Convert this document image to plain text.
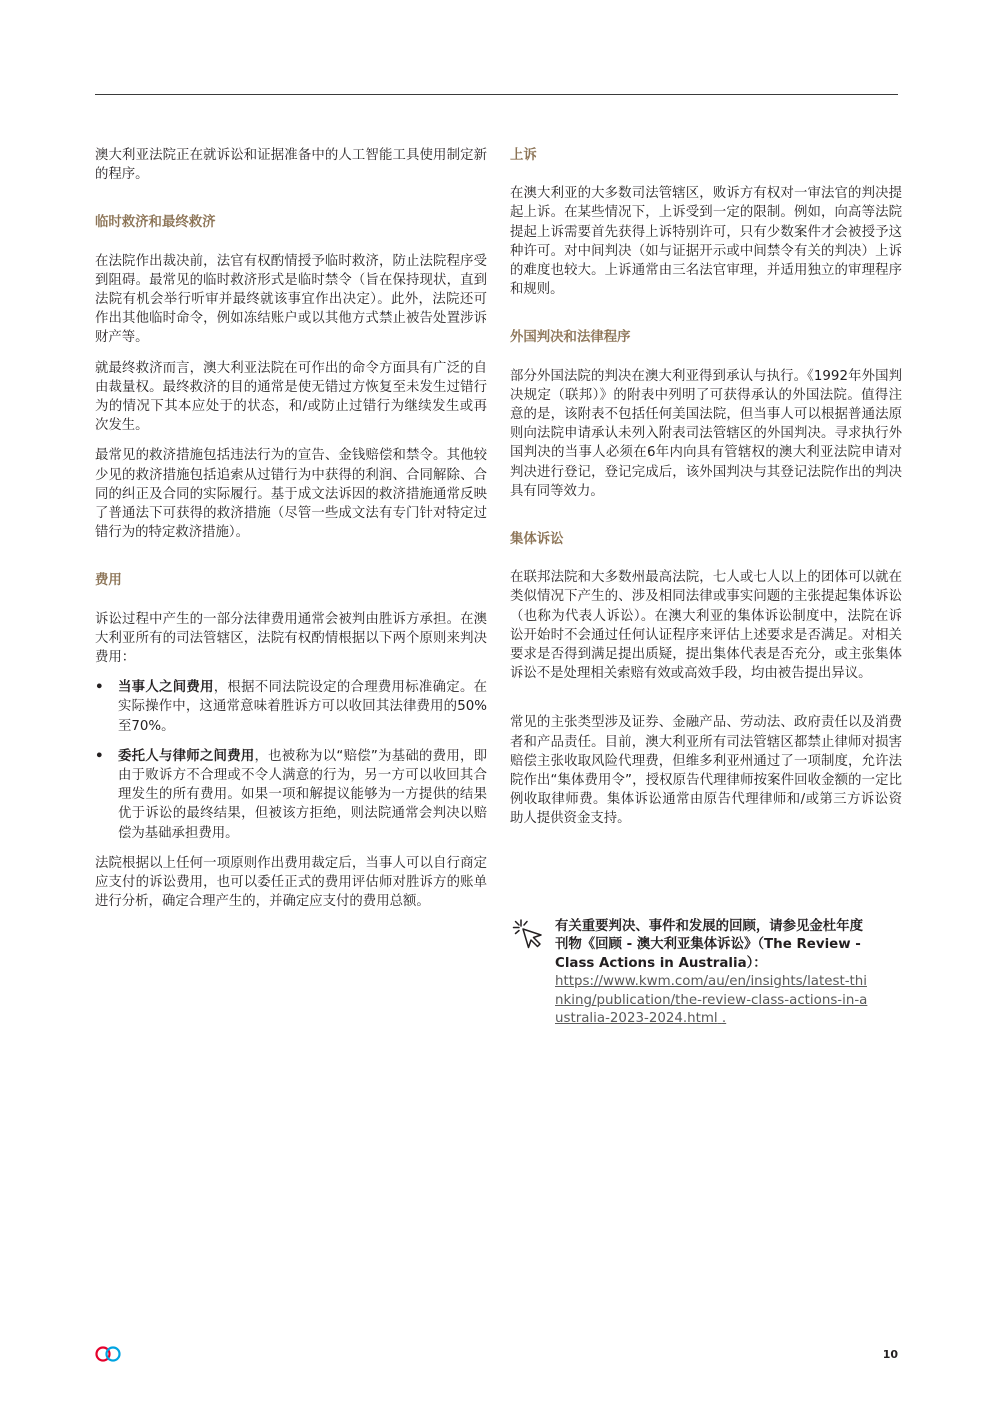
澳大利亚法院正在就诉讼和证据准备中的人工智能工具使用制定新的程序。

临时救济和最终救济

在法院作出裁决前，法官有权酌情授予临时救济，防止法院程序受到阻碍。最常见的临时救济形式是临时禁令（旨在保持现状，直到法院有机会举行听审并最终就该事宜作出决定）。此外，法院还可作出其他临时命令，例如冻结账户或以其他方式禁止被告处置涉诉财产等。

就最终救济而言，澳大利亚法院在可作出的命令方面具有广泛的自由裁量权。最终救济的目的通常是使无错过方恢复至未发生过错行为的情况下其本应处于的状态，和/或防止过错行为继续发生或再次发生。

最常见的救济措施包括违法行为的宣告、金钱赔偿和禁令。其他较少见的救济措施包括追索从过错行为中获得的利润、合同解除、合同的纠正及合同的实际履行。基于成文法诉因的救济措施通常反映了普通法下可获得的救济措施（尽管一些成文法有专门针对特定过错行为的特定救济措施）。

费用

诉讼过程中产生的一部分法律费用通常会被判由胜诉方承担。在澳大利亚所有的司法管辖区，法院有权酌情根据以下两个原则来判决费用：

• 当事人之间费用，根据不同法院设定的合理费用标准确定。在实际操作中，这通常意味着胜诉方可以收回其法律费用的50%至70%。
• 委托人与律师之间费用，也被称为以“赔偿”为基础的费用，即由于败诉方不合理或不令人满意的行为，另一方可以收回其合理发生的所有费用。如果一项和解提议能够为一方提供的结果优于诉讼的最终结果，但被该方拒绝，则法院通常会判决以赔偿为基础承担费用。

法院根据以上任何一项原则作出费用裁定后，当事人可以自行商定应支付的诉讼费用，也可以委任正式的费用评估师对胜诉方的账单进行分析，确定合理产生的，并确定应支付的费用总额。

上诉

在澳大利亚的大多数司法管辖区，败诉方有权对一审法官的判决提起上诉。在某些情况下，上诉受到一定的限制。例如，向高等法院提起上诉需要首先获得上诉特别许可，只有少数案件才会被授予这种许可。对中间判决（如与证据开示或中间禁令有关的判决）上诉的难度也较大。上诉通常由三名法官审理，并适用独立的审理程序和规则。

外国判决和法律程序

部分外国法院的判决在澳大利亚得到承认与执行。《1992年外国判决规定（联邦）》的附表中列明了可获得承认的外国法院。值得注意的是，该附表不包括任何美国法院，但当事人可以根据普通法原则向法院申请承认未列入附表司法管辖区的外国判决。寻求执行外国判决的当事人必须在6年内向具有管辖权的澳大利亚法院申请对判决进行登记，登记完成后，该外国判决与其登记法院作出的判决具有同等效力。

集体诉讼

在联邦法院和大多数州最高法院，七人或七人以上的团体可以就在类似情况下产生的、涉及相同法律或事实问题的主张提起集体诉讼（也称为代表人诉讼）。在澳大利亚的集体诉讼制度中，法院在诉讼开始时不会通过任何认证程序来评估上述要求是否满足。对相关要求是否得到满足提出质疑，提出集体代表是否充分，或主张集体诉讼不是处理相关索赔有效或高效手段，均由被告提出异议。

常见的主张类型涉及证券、金融产品、劳动法、政府责任以及消费者和产品责任。目前，澳大利亚所有司法管辖区都禁止律师对损害赔偿主张收取风险代理费，但维多利亚州通过了一项制度，允许法院作出“集体费用令”，授权原告代理律师按案件回收金额的一定比例收取律师费。集体诉讼通常由原告代理律师和/或第三方诉讼资助人提供资金支持。

有关重要判决、事件和发展的回顾，请参见金杜年度刊物《回顾 - 澳大利亚集体诉讼》（The Review - Class Actions in Australia）：
https://www.kwm.com/au/en/insights/latest-thinking/publication/the-review-class-actions-in-australia-2023-2024.html .
10
